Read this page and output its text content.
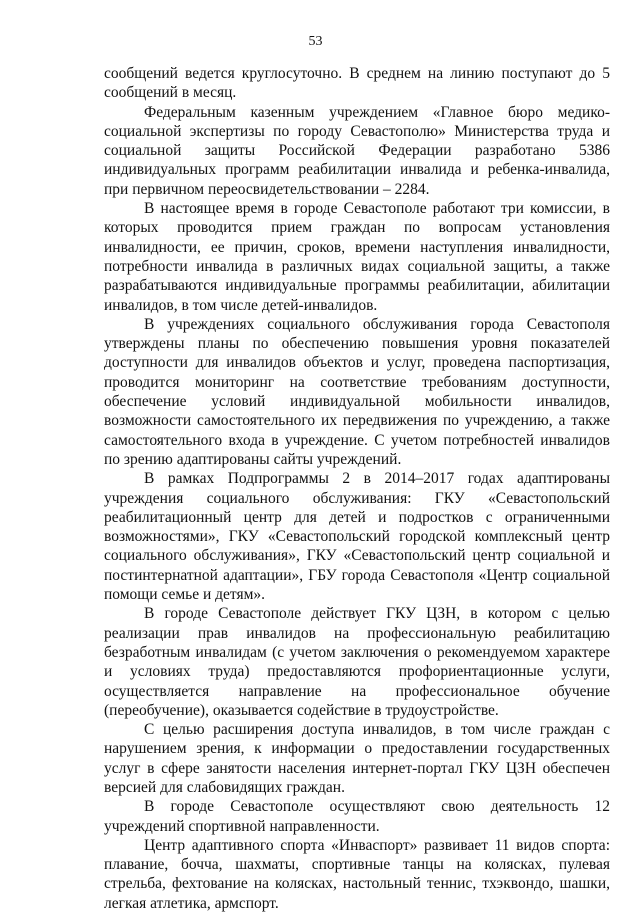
53

сообщений ведется круглосуточно. В среднем на линию поступают до 5 сообщений в месяц.

Федеральным казенным учреждением «Главное бюро медико-социальной экспертизы по городу Севастополю» Министерства труда и социальной защиты Российской Федерации разработано 5386 индивидуальных программ реабилитации инвалида и ребенка-инвалида, при первичном переосвидетельствовании – 2284.

В настоящее время в городе Севастополе работают три комиссии, в которых проводится прием граждан по вопросам установления инвалидности, ее причин, сроков, времени наступления инвалидности, потребности инвалида в различных видах социальной защиты, а также разрабатываются индивидуальные программы реабилитации, абилитации инвалидов, в том числе детей-инвалидов.

В учреждениях социального обслуживания города Севастополя утверждены планы по обеспечению повышения уровня показателей доступности для инвалидов объектов и услуг, проведена паспортизация, проводится мониторинг на соответствие требованиям доступности, обеспечение условий индивидуальной мобильности инвалидов, возможности самостоятельного их передвижения по учреждению, а также самостоятельного входа в учреждение. С учетом потребностей инвалидов по зрению адаптированы сайты учреждений.

В рамках Подпрограммы 2 в 2014–2017 годах адаптированы учреждения социального обслуживания: ГКУ «Севастопольский реабилитационный центр для детей и подростков с ограниченными возможностями», ГКУ «Севастопольский городской комплексный центр социального обслуживания», ГКУ «Севастопольский центр социальной и постинтернатной адаптации», ГБУ города Севастополя «Центр социальной помощи семье и детям».

В городе Севастополе действует ГКУ ЦЗН, в котором с целью реализации прав инвалидов на профессиональную реабилитацию безработным инвалидам (с учетом заключения о рекомендуемом характере и условиях труда) предоставляются профориентационные услуги, осуществляется направление на профессиональное обучение (переобучение), оказывается содействие в трудоустройстве.

С целью расширения доступа инвалидов, в том числе граждан с нарушением зрения, к информации о предоставлении государственных услуг в сфере занятости населения интернет-портал ГКУ ЦЗН обеспечен версией для слабовидящих граждан.

В городе Севастополе осуществляют свою деятельность 12 учреждений спортивной направленности.

Центр адаптивного спорта «Инваспорт» развивает 11 видов спорта: плавание, бочча, шахматы, спортивные танцы на колясках, пулевая стрельба, фехтование на колясках, настольный теннис, тхэквондо, шашки, легкая атлетика, армспорт.
